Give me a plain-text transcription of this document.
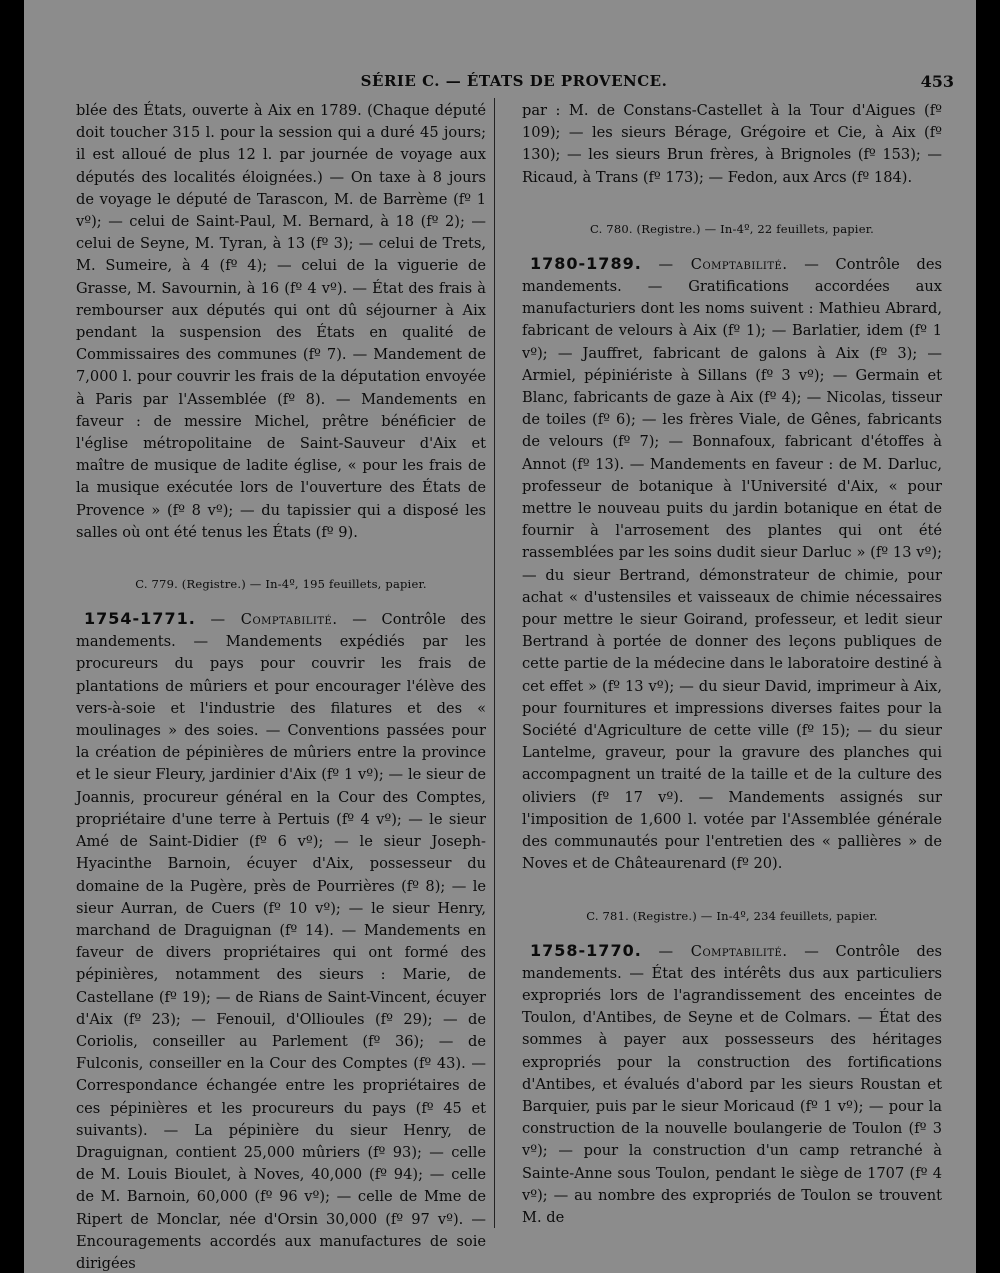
SÉRIE C. — ÉTATS DE PROVENCE.	453

blée des États, ouverte à Aix en 1789. (Chaque député doit toucher 315 l. pour la session qui a duré 45 jours; il est alloué de plus 12 l. par journée de voyage aux députés des localités éloignées.) — On taxe à 8 jours de voyage le député de Tarascon, M. de Barrème (fº 1 vº); — celui de Saint-Paul, M. Bernard, à 18 (fº 2); — celui de Seyne, M. Tyran, à 13 (fº 3); — celui de Trets, M. Sumeire, à 4 (fº 4); — celui de la viguerie de Grasse, M. Savournin, à 16 (fº 4 vº). — État des frais à rembourser aux députés qui ont dû séjourner à Aix pendant la suspension des États en qualité de Commissaires des communes (fº 7). — Mandement de 7,000 l. pour couvrir les frais de la députation envoyée à Paris par l'Assemblée (fº 8). — Mandements en faveur : de messire Michel, prêtre bénéficier de l'église métropolitaine de Saint-Sauveur d'Aix et maître de musique de ladite église, « pour les frais de la musique exécutée lors de l'ouverture des États de Provence » (fº 8 vº); — du tapissier qui a disposé les salles où ont été tenus les États (fº 9).

C. 779. (Registre.) — In-4º, 195 feuillets, papier.

1754-1771. — Comptabilité. — Contrôle des mandements. — Mandements expédiés par les procureurs du pays pour couvrir les frais de plantations de mûriers et pour encourager l'élève des vers-à-soie et l'industrie des filatures et des « moulinages » des soies. — Conventions passées pour la création de pépinières de mûriers entre la province et le sieur Fleury, jardinier d'Aix (fº 1 vº); — le sieur de Joannis, procureur général en la Cour des Comptes, propriétaire d'une terre à Pertuis (fº 4 vº); — le sieur Amé de Saint-Didier (fº 6 vº); — le sieur Joseph-Hyacinthe Barnoin, écuyer d'Aix, possesseur du domaine de la Pugère, près de Pourrières (fº 8); — le sieur Aurran, de Cuers (fº 10 vº); — le sieur Henry, marchand de Draguignan (fº 14). — Mandements en faveur de divers propriétaires qui ont formé des pépinières, notamment des sieurs : Marie, de Castellane (fº 19); — de Rians de Saint-Vincent, écuyer d'Aix (fº 23); — Fenouil, d'Ollioules (fº 29); — de Coriolis, conseiller au Parlement (fº 36); — de Fulconis, conseiller en la Cour des Comptes (fº 43). — Correspondance échangée entre les propriétaires de ces pépinières et les procureurs du pays (fº 45 et suivants). — La pépinière du sieur Henry, de Draguignan, contient 25,000 mûriers (fº 93); — celle de M. Louis Bioulet, à Noves, 40,000 (fº 94); — celle de M. Barnoin, 60,000 (fº 96 vº); — celle de Mme de Ripert de Monclar, née d'Orsin 30,000 (fº 97 vº). — Encouragements accordés aux manufactures de soie dirigées

par : M. de Constans-Castellet à la Tour d'Aigues (fº 109); — les sieurs Bérage, Grégoire et Cie, à Aix (fº 130); — les sieurs Brun frères, à Brignoles (fº 153); — Ricaud, à Trans (fº 173); — Fedon, aux Arcs (fº 184).

C. 780. (Registre.) — In-4º, 22 feuillets, papier.

1780-1789. — Comptabilité. — Contrôle des mandements. — Gratifications accordées aux manufacturiers dont les noms suivent : Mathieu Abrard, fabricant de velours à Aix (fº 1); — Barlatier, idem (fº 1 vº); — Jauffret, fabricant de galons à Aix (fº 3); — Armiel, pépiniériste à Sillans (fº 3 vº); — Germain et Blanc, fabricants de gaze à Aix (fº 4); — Nicolas, tisseur de toiles (fº 6); — les frères Viale, de Gênes, fabricants de velours (fº 7); — Bonnafoux, fabricant d'étoffes à Annot (fº 13). — Mandements en faveur : de M. Darluc, professeur de botanique à l'Université d'Aix, « pour mettre le nouveau puits du jardin botanique en état de fournir à l'arrosement des plantes qui ont été rassemblées par les soins dudit sieur Darluc » (fº 13 vº); — du sieur Bertrand, démonstrateur de chimie, pour achat « d'ustensiles et vaisseaux de chimie nécessaires pour mettre le sieur Goirand, professeur, et ledit sieur Bertrand à portée de donner des leçons publiques de cette partie de la médecine dans le laboratoire destiné à cet effet » (fº 13 vº); — du sieur David, imprimeur à Aix, pour fournitures et impressions diverses faites pour la Société d'Agriculture de cette ville (fº 15); — du sieur Lantelme, graveur, pour la gravure des planches qui accompagnent un traité de la taille et de la culture des oliviers (fº 17 vº). — Mandements assignés sur l'imposition de 1,600 l. votée par l'Assemblée générale des communautés pour l'entretien des « pallières » de Noves et de Châteaurenard (fº 20).

C. 781. (Registre.) — In-4º, 234 feuillets, papier.

1758-1770. — Comptabilité. — Contrôle des mandements. — État des intérêts dus aux particuliers expropriés lors de l'agrandissement des enceintes de Toulon, d'Antibes, de Seyne et de Colmars. — État des sommes à payer aux possesseurs des héritages expropriés pour la construction des fortifications d'Antibes, et évalués d'abord par les sieurs Roustan et Barquier, puis par le sieur Moricaud (fº 1 vº); — pour la construction de la nouvelle boulangerie de Toulon (fº 3 vº); — pour la construction d'un camp retranché à Sainte-Anne sous Toulon, pendant le siège de 1707 (fº 4 vº); — au nombre des expropriés de Toulon se trouvent M. de
